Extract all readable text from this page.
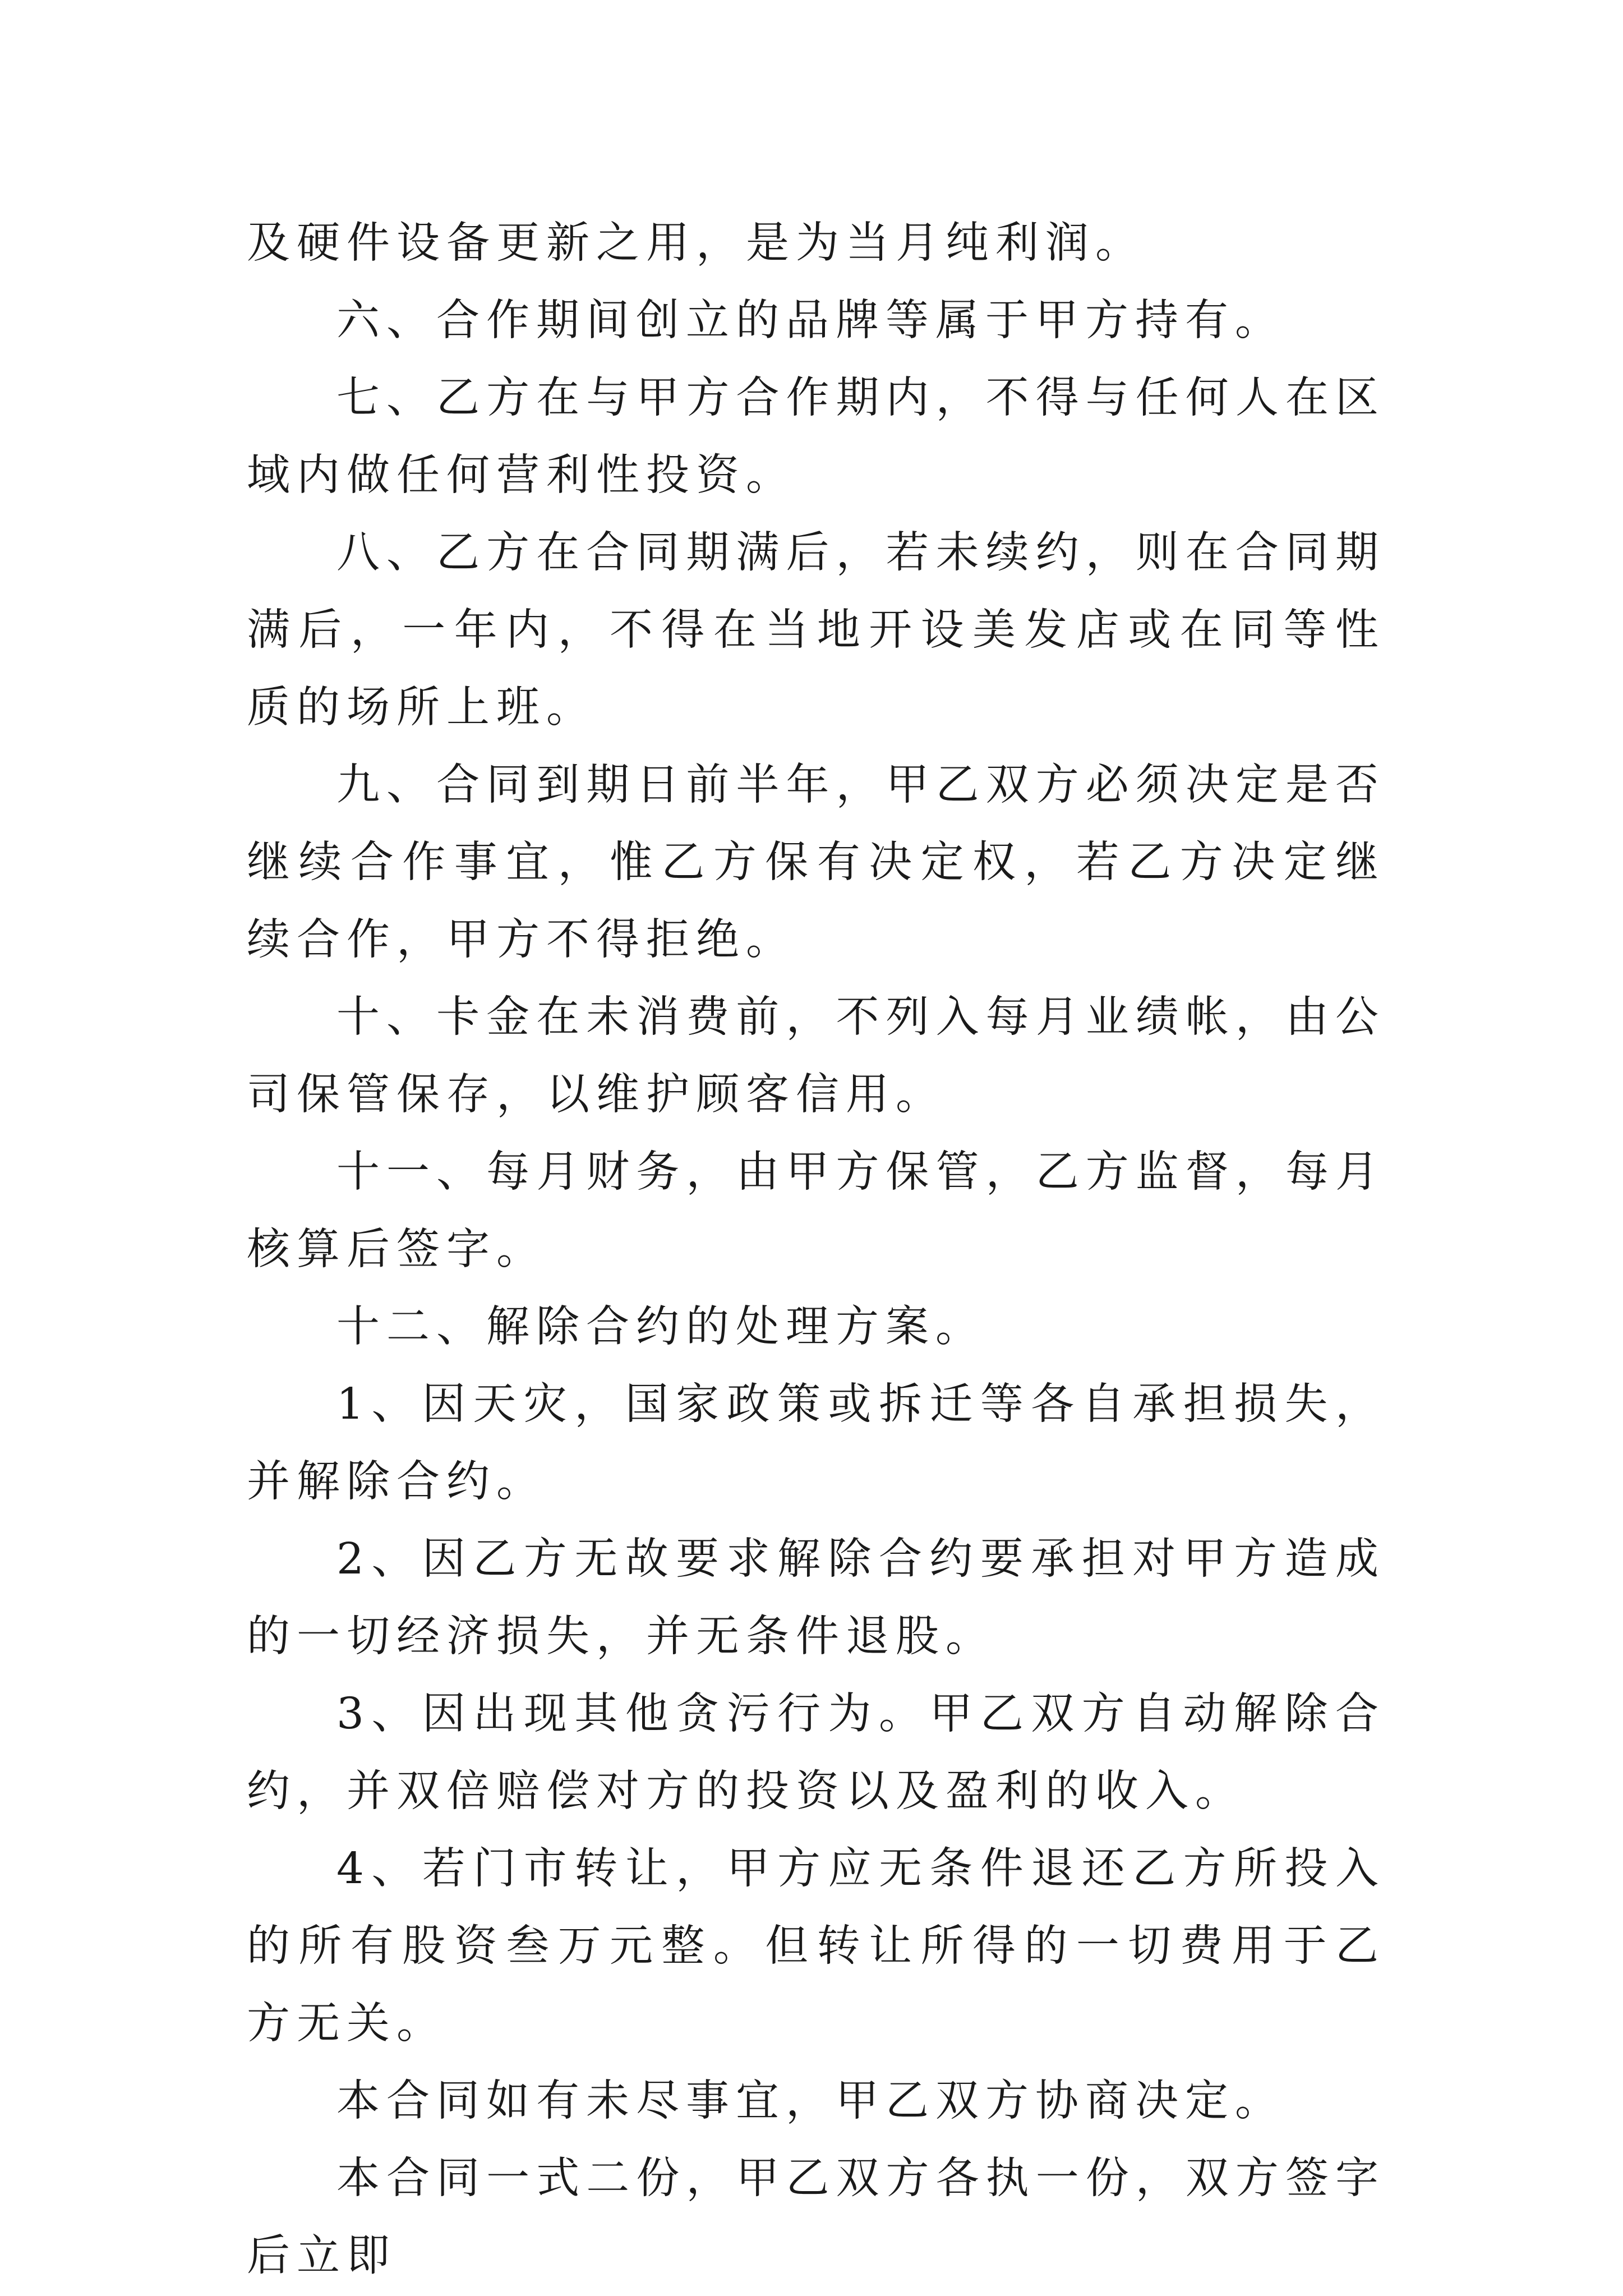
及硬件设备更新之用，是为当月纯利润。

六、合作期间创立的品牌等属于甲方持有。

七、乙方在与甲方合作期内，不得与任何人在区域内做任何营利性投资。

八、乙方在合同期满后，若未续约，则在合同期满后，一年内，不得在当地开设美发店或在同等性质的场所上班。

九、合同到期日前半年，甲乙双方必须决定是否继续合作事宜，惟乙方保有决定权，若乙方决定继续合作，甲方不得拒绝。

十、卡金在未消费前，不列入每月业绩帐，由公司保管保存，以维护顾客信用。

十一、每月财务，由甲方保管，乙方监督，每月核算后签字。

十二、解除合约的处理方案。

1、因天灾，国家政策或拆迁等各自承担损失，并解除合约。

2、因乙方无故要求解除合约要承担对甲方造成的一切经济损失，并无条件退股。

3、因出现其他贪污行为。甲乙双方自动解除合约，并双倍赔偿对方的投资以及盈利的收入。

4、若门市转让，甲方应无条件退还乙方所投入的所有股资叁万元整。但转让所得的一切费用于乙方无关。

本合同如有未尽事宜，甲乙双方协商决定。

本合同一式二份，甲乙双方各执一份，双方签字后立即
